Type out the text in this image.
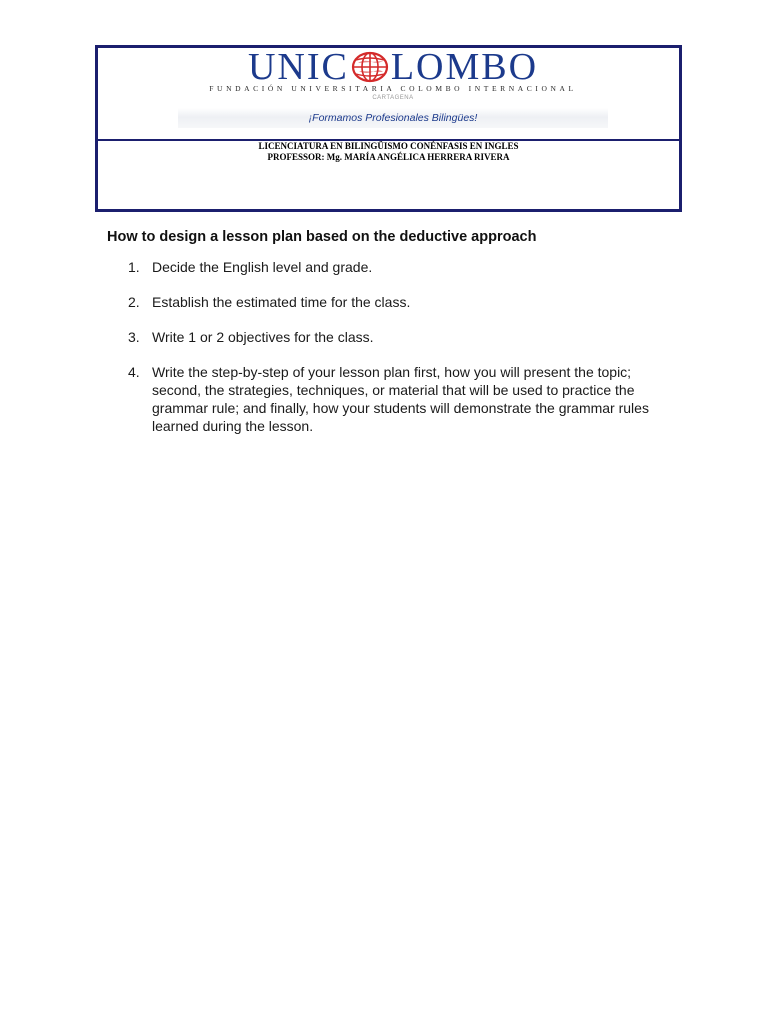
UNIC LOMBO
FUNDACIÓN UNIVERSITARIA COLOMBO INTERNACIONAL
CARTAGENA
¡Formamos Profesionales Bilingües!
LICENCIATURA EN BILINGÜISMO CONÉNFASIS EN INGLES
PROFESSOR: Mg. MARÍA ANGÉLICA HERRERA RIVERA
How to design a lesson plan based on the deductive approach
1. Decide the English level and grade.
2. Establish the estimated time for the class.
3. Write 1 or 2 objectives for the class.
4. Write the step-by-step of your lesson plan first, how you will present the topic; second, the strategies, techniques, or material that will be used to practice the grammar rule; and finally, how your students will demonstrate the grammar rules learned during the lesson.
